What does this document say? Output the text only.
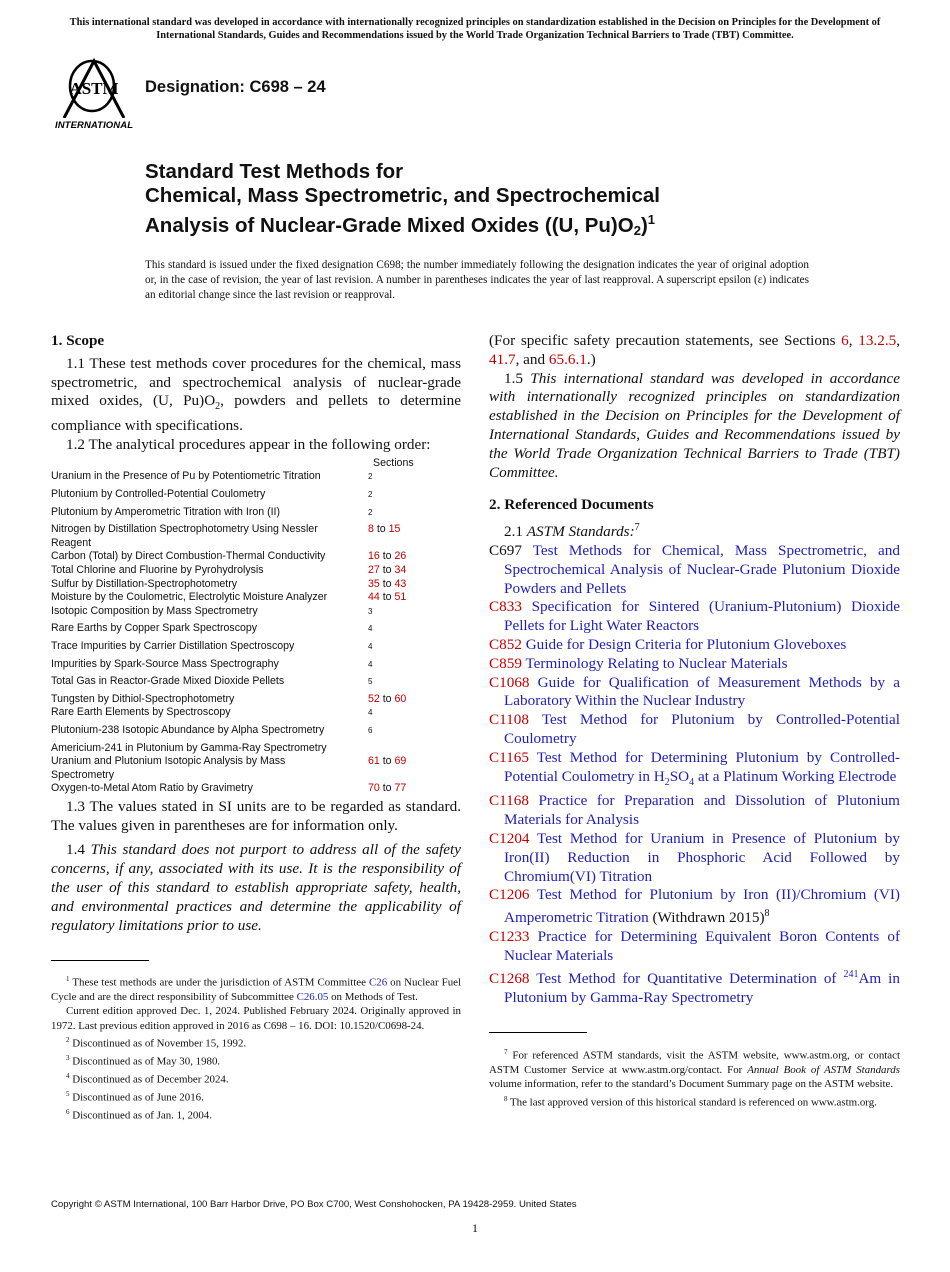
This international standard was developed in accordance with internationally recognized principles on standardization established in the Decision on Principles for the Development of International Standards, Guides and Recommendations issued by the World Trade Organization Technical Barriers to Trade (TBT) Committee.
ASTM
INTERNATIONAL
Designation: C698 – 24
Standard Test Methods for
Chemical, Mass Spectrometric, and Spectrochemical
Analysis of Nuclear-Grade Mixed Oxides ((U, $Pu)O_2)^1$
This standard is issued under the fixed designation C698; the number immediately following the designation indicates the year of original adoption or, in the case of revision, the year of last revision. A number in parentheses indicates the year of last reapproval. A superscript epsilon (ε) indicates an editorial change since the last revision or reapproval.
1. Scope

1.1 These test methods cover procedures for the chemical, mass spectrometric, and spectrochemical analysis of nuclear-grade mixed oxides, (U, $Pu)O_2$, powders and pellets to determine compliance with specifications.

1.2 The analytical procedures appear in the following order:

Sections
Uranium in the Presence of Pu by Potentiometric Titration	$^2$
Plutonium by Controlled-Potential Coulometry	$^2$
Plutonium by Amperometric Titration with Iron (II)	$^2$
Nitrogen by Distillation Spectrophotometry Using Nessler	8 to 15
Reagent
Carbon (Total) by Direct Combustion-Thermal Conductivity	16 to 26
Total Chlorine and Fluorine by Pyrohydrolysis	27 to 34
Sulfur by Distillation-Spectrophotometry	35 to 43
Moisture by the Coulometric, Electrolytic Moisture Analyzer	44 to 51
Isotopic Composition by Mass Spectrometry	$^3$
Rare Earths by Copper Spark Spectroscopy	$^4$
Trace Impurities by Carrier Distillation Spectroscopy	$^4$
Impurities by Spark-Source Mass Spectrography	$^4$
Total Gas in Reactor-Grade Mixed Dioxide Pellets	$^5$
Tungsten by Dithiol-Spectrophotometry	52 to 60
Rare Earth Elements by Spectroscopy	$^4$
Plutonium-238 Isotopic Abundance by Alpha Spectrometry	$^6$
Americium-241 in Plutonium by Gamma-Ray Spectrometry
Uranium and Plutonium Isotopic Analysis by Mass	61 to 69
Spectrometry
Oxygen-to-Metal Atom Ratio by Gravimetry	70 to 77

1.3 The values stated in SI units are to be regarded as standard. The values given in parentheses are for information only.

1.4 This standard does not purport to address all of the safety concerns, if any, associated with its use. It is the responsibility of the user of this standard to establish appropriate safety, health, and environmental practices and determine the applicability of regulatory limitations prior to use.

(For specific safety precaution statements, see Sections 6, 13.2.5, 41.7, and 65.6.1.)

1.5 This international standard was developed in accordance with internationally recognized principles on standardization established in the Decision on Principles for the Development of International Standards, Guides and Recommendations issued by the World Trade Organization Technical Barriers to Trade (TBT) Committee.

2. Referenced Documents

2.1 ASTM Standards:$^7$

C697 Test Methods for Chemical, Mass Spectrometric, and Spectrochemical Analysis of Nuclear-Grade Plutonium Dioxide Powders and Pellets

C833 Specification for Sintered (Uranium-Plutonium) Dioxide Pellets for Light Water Reactors

C852 Guide for Design Criteria for Plutonium Gloveboxes

C859 Terminology Relating to Nuclear Materials

C1068 Guide for Qualification of Measurement Methods by a Laboratory Within the Nuclear Industry

C1108 Test Method for Plutonium by Controlled-Potential Coulometry

C1165 Test Method for Determining Plutonium by Controlled-Potential Coulometry in $H_2SO_4$ at a Platinum Working Electrode

C1168 Practice for Preparation and Dissolution of Plutonium Materials for Analysis

C1204 Test Method for Uranium in Presence of Plutonium by Iron(II) Reduction in Phosphoric Acid Followed by Chromium(VI) Titration

C1206 Test Method for Plutonium by Iron (II)/Chromium (VI) Amperometric Titration (Withdrawn 2015)$^8$

C1233 Practice for Determining Equivalent Boron Contents of Nuclear Materials

C1268 Test Method for Quantitative Determination of $^{241}$Am in Plutonium by Gamma-Ray Spectrometry

$^1$ These test methods are under the jurisdiction of ASTM Committee C26 on Nuclear Fuel Cycle and are the direct responsibility of Subcommittee C26.05 on Methods of Test.

Current edition approved Dec. 1, 2024. Published February 2024. Originally approved in 1972. Last previous edition approved in 2016 as C698 – 16. DOI: 10.1520/C0698-24.

$^2$ Discontinued as of November 15, 1992.

$^3$ Discontinued as of May 30, 1980.

$^4$ Discontinued as of December 2024.

$^5$ Discontinued as of June 2016.

$^6$ Discontinued as of Jan. 1, 2004.

$^7$ For referenced ASTM standards, visit the ASTM website, www.astm.org, or contact ASTM Customer Service at www.astm.org/contact. For Annual Book of ASTM Standards volume information, refer to the standard’s Document Summary page on the ASTM website.

$^8$ The last approved version of this historical standard is referenced on www.astm.org.

Copyright © ASTM International, 100 Barr Harbor Drive, PO Box C700, West Conshohocken, PA 19428-2959. United States
1
